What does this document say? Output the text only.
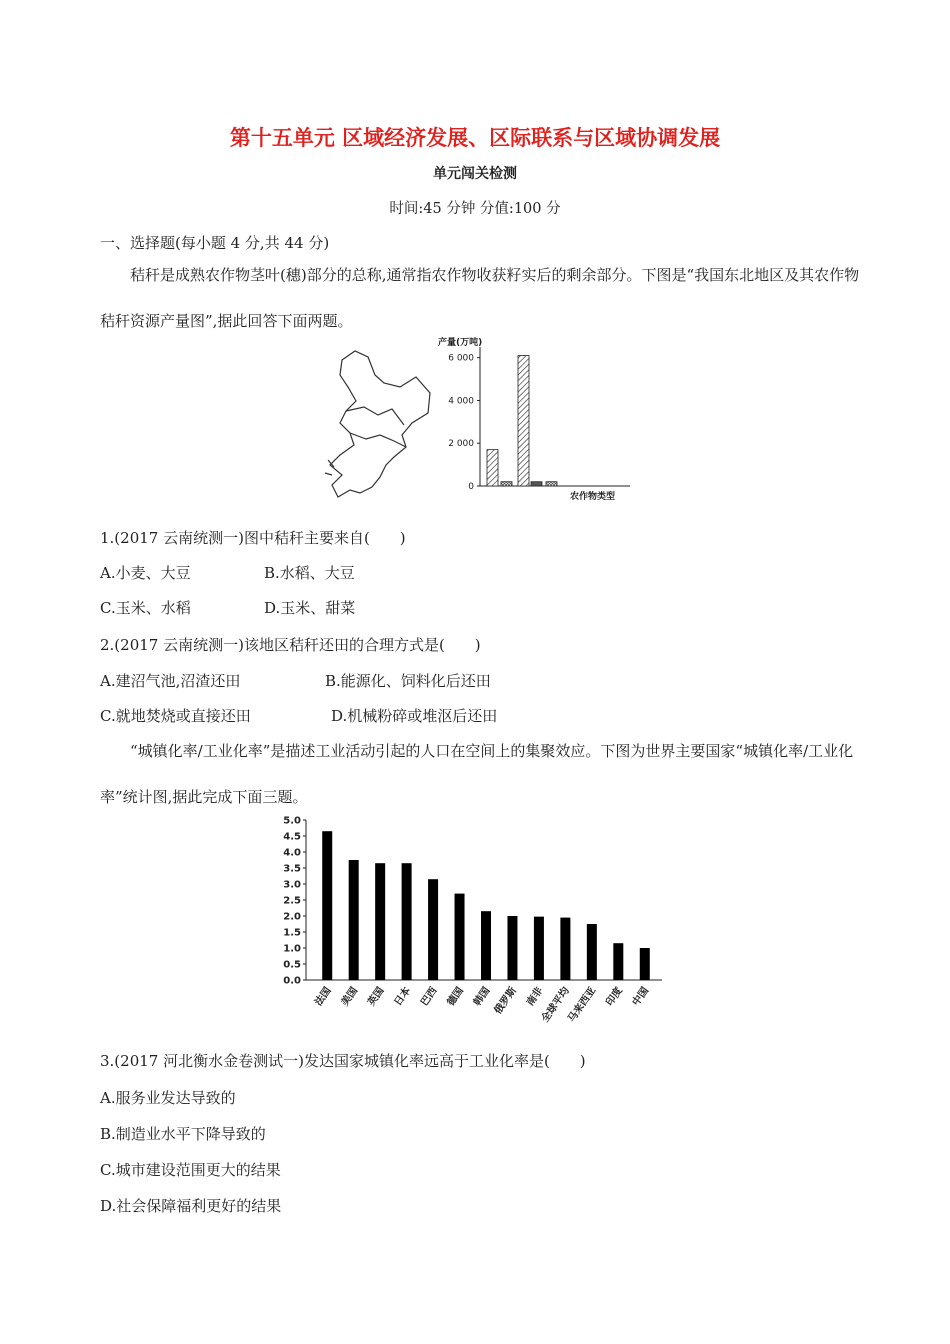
第十五单元 区域经济发展、区际联系与区域协调发展
单元闯关检测
时间:45 分钟 分值:100 分
一、选择题(每小题 4 分,共 44 分)
秸秆是成熟农作物茎叶(穗)部分的总称,通常指农作物收获籽实后的剩余部分。下图是“我国东北地区及其农作物秸秆资源产量图”,据此回答下面两题。
0
2 000
4 000
6 000
产量(万吨)
农作物类型
1.(2017 云南统测一)图中秸秆主要来自(　　)
A.小麦、大豆	B.水稻、大豆
C.玉米、水稻	D.玉米、甜菜
2.(2017 云南统测一)该地区秸秆还田的合理方式是(　　)
A.建沼气池,沼渣还田	B.能源化、饲料化后还田
C.就地焚烧或直接还田	D.机械粉碎或堆沤后还田
“城镇化率/工业化率”是描述工业活动引起的人口在空间上的集聚效应。下图为世界主要国家“城镇化率/工业化率”统计图,据此完成下面三题。
0.0
0.5
1.0
1.5
2.0
2.5
3.0
3.5
4.0
4.5
5.0
法国 美国 英国 日本 巴西 德国 韩国 俄罗斯 南非
全球平均
马来西亚 印度 中国
3.(2017 河北衡水金卷测试一)发达国家城镇化率远高于工业化率是(　　)
A.服务业发达导致的
B.制造业水平下降导致的
C.城市建设范围更大的结果
D.社会保障福利更好的结果
